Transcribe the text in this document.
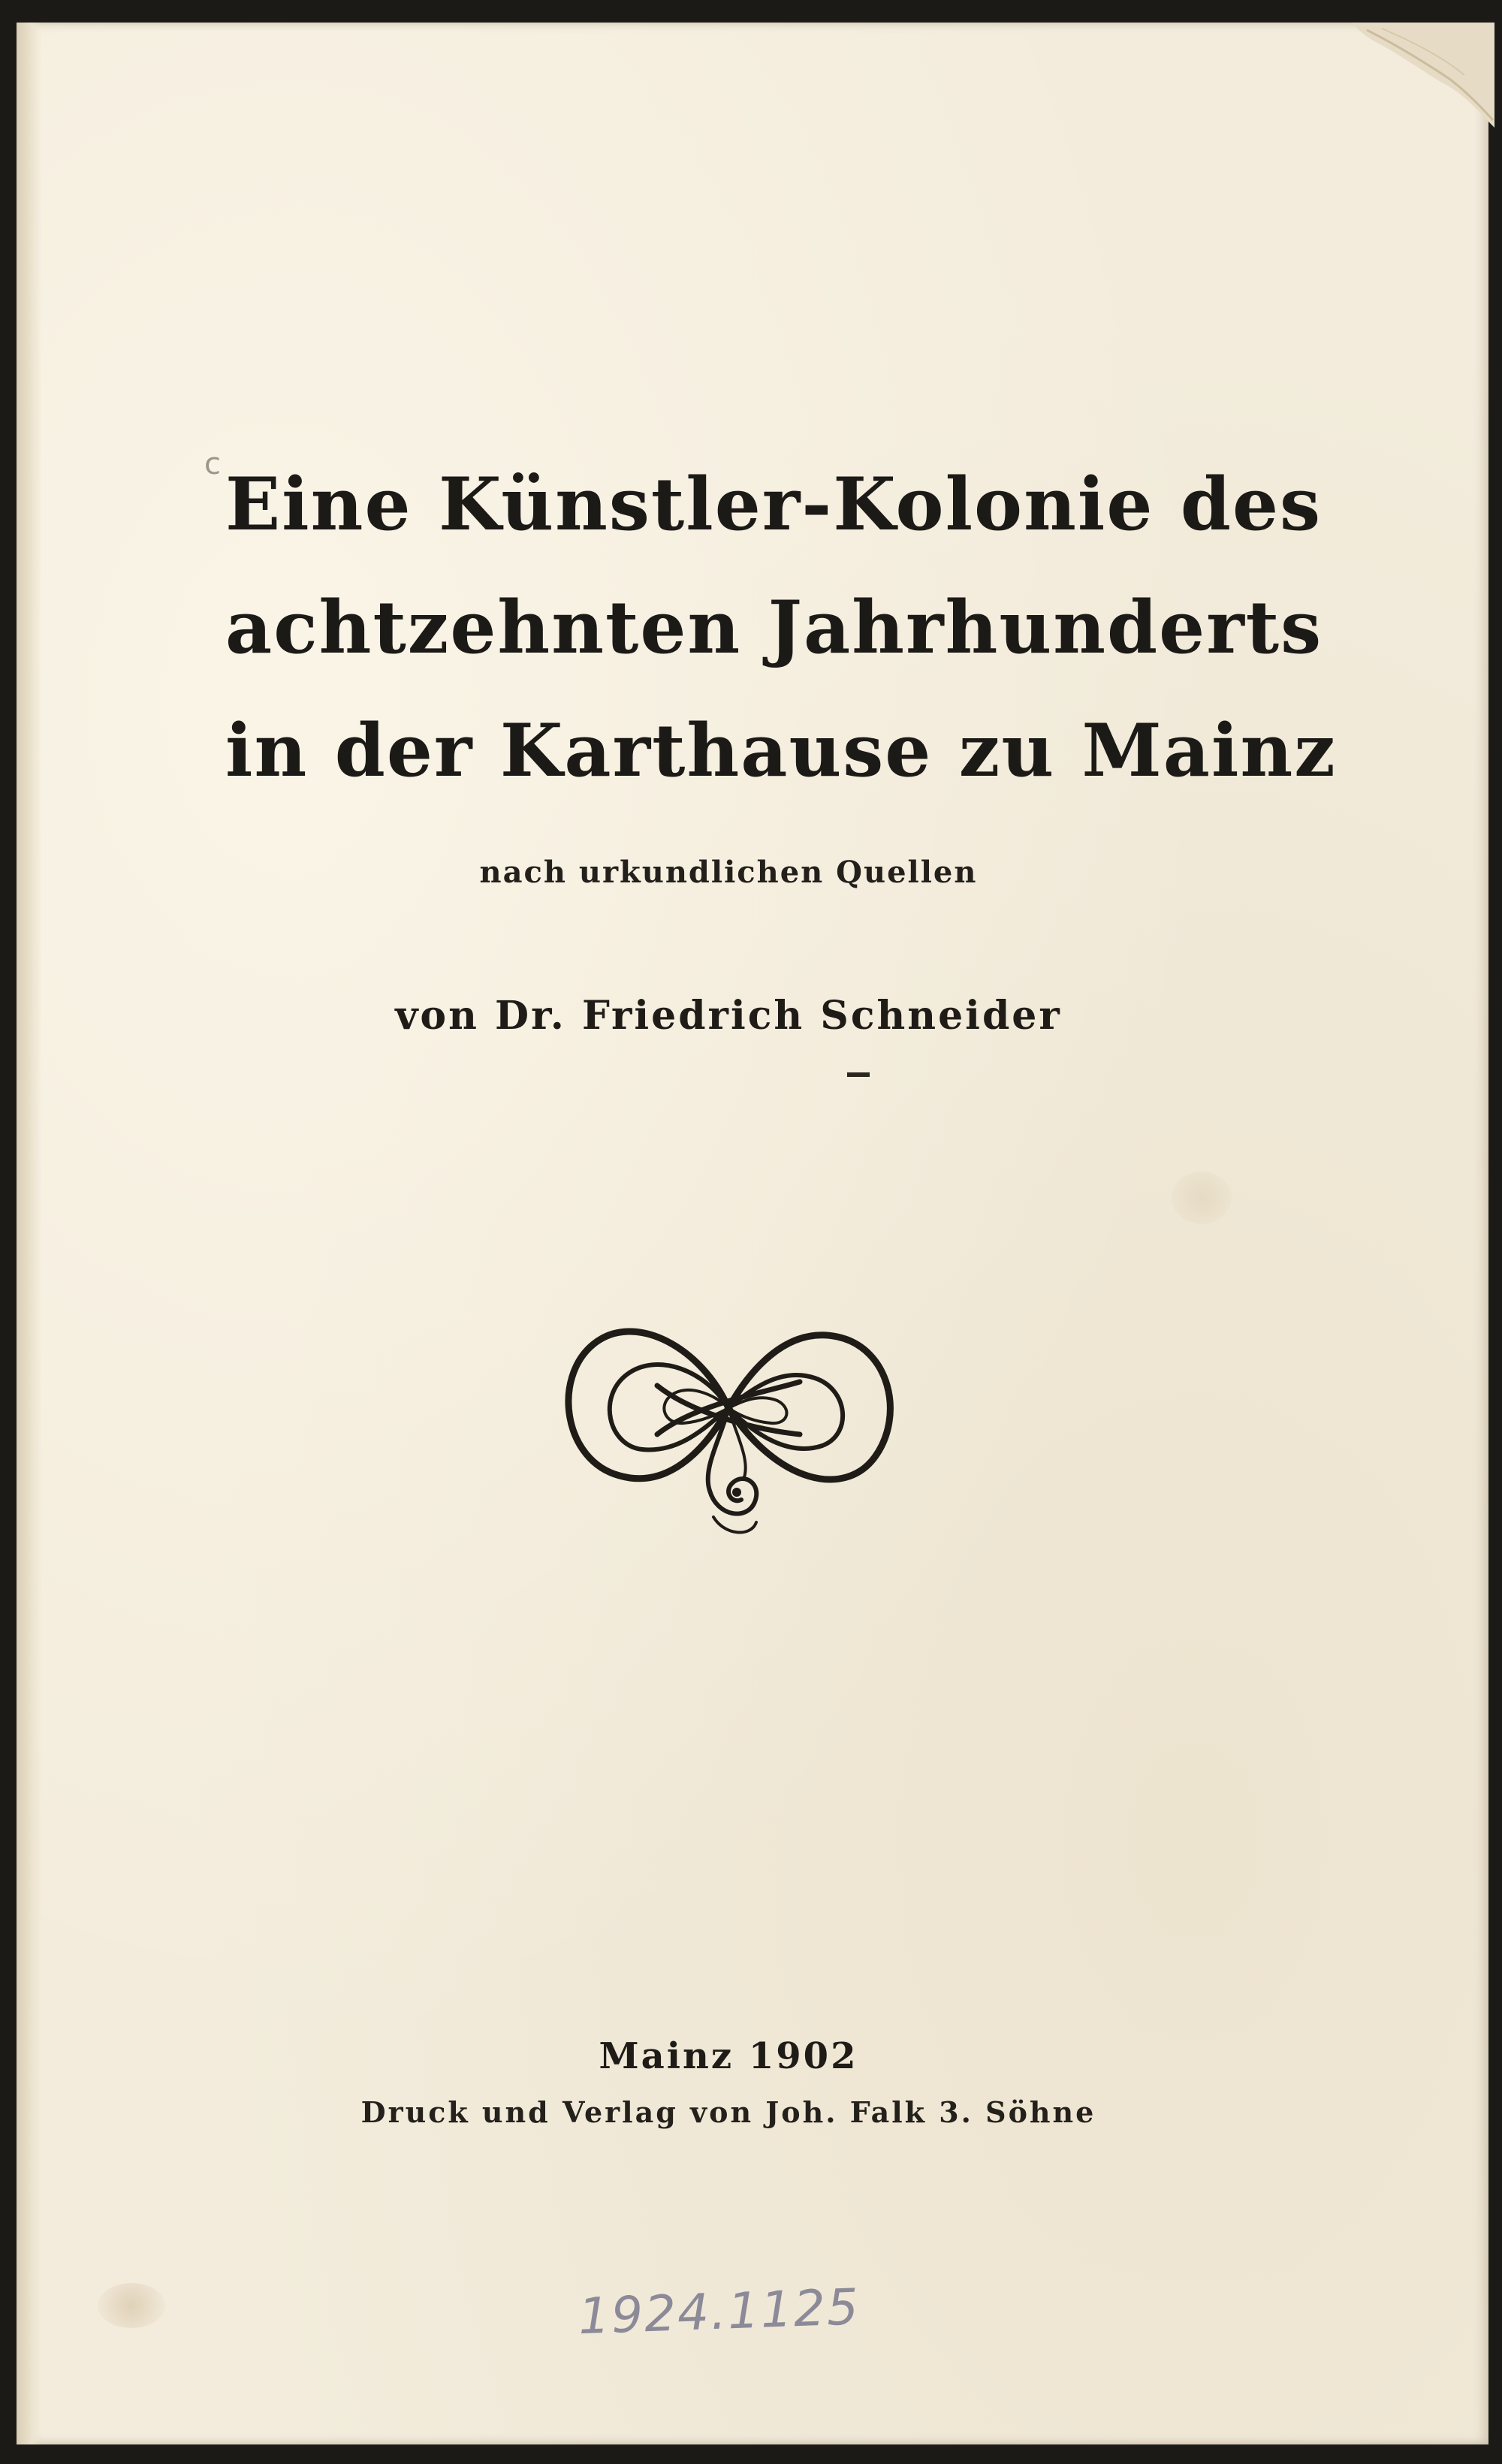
c Eine Künstler-Kolonie des
achtzehnten Jahrhunderts
in der Karthause zu Mainz
nach urkundlichen Quellen
von Dr. Friedrich Schneider
Mainz 1902
Druck und Verlag von Joh. Falk 3. Söhne
1924.1125
